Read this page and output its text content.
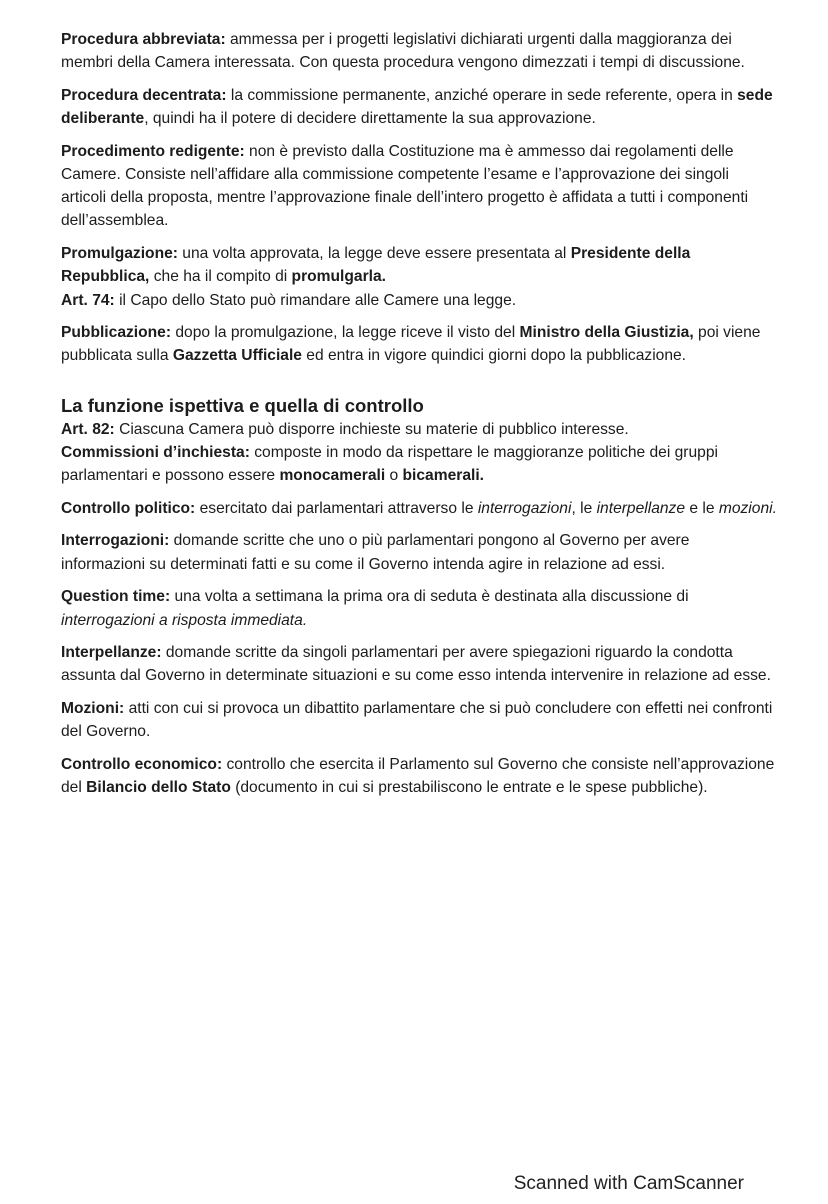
Procedura abbreviata: ammessa per i progetti legislativi dichiarati urgenti dalla maggioranza dei membri della Camera interessata. Con questa procedura vengono dimezzati i tempi di discussione.

Procedura decentrata: la commissione permanente, anziché operare in sede referente, opera in sede deliberante, quindi ha il potere di decidere direttamente la sua approvazione.

Procedimento redigente: non è previsto dalla Costituzione ma è ammesso dai regolamenti delle Camere. Consiste nell’affidare alla commissione competente l’esame e l’approvazione dei singoli articoli della proposta, mentre l’approvazione finale dell’intero progetto è affidata a tutti i componenti dell’assemblea.

Promulgazione: una volta approvata, la legge deve essere presentata al Presidente della Repubblica, che ha il compito di promulgarla.

Art. 74: il Capo dello Stato può rimandare alle Camere una legge.

Pubblicazione: dopo la promulgazione, la legge riceve il visto del Ministro della Giustizia, poi viene pubblicata sulla Gazzetta Ufficiale ed entra in vigore quindici giorni dopo la pubblicazione.

La funzione ispettiva e quella di controllo

Art. 82: Ciascuna Camera può disporre inchieste su materie di pubblico interesse.

Commissioni d’inchiesta: composte in modo da rispettare le maggioranze politiche dei gruppi parlamentari e possono essere monocamerali o bicamerali.

Controllo politico: esercitato dai parlamentari attraverso le interrogazioni, le interpellanze e le mozioni.

Interrogazioni: domande scritte che uno o più parlamentari pongono al Governo per avere informazioni su determinati fatti e su come il Governo intenda agire in relazione ad essi.

Question time: una volta a settimana la prima ora di seduta è destinata alla discussione di interrogazioni a risposta immediata.

Interpellanze: domande scritte da singoli parlamentari per avere spiegazioni riguardo la condotta assunta dal Governo in determinate situazioni e su come esso intenda intervenire in relazione ad esse.

Mozioni: atti con cui si provoca un dibattito parlamentare che si può concludere con effetti nei confronti del Governo.

Controllo economico: controllo che esercita il Parlamento sul Governo che consiste nell’approvazione del Bilancio dello Stato (documento in cui si prestabiliscono le entrate e le spese pubbliche).

Scanned with CamScanner
